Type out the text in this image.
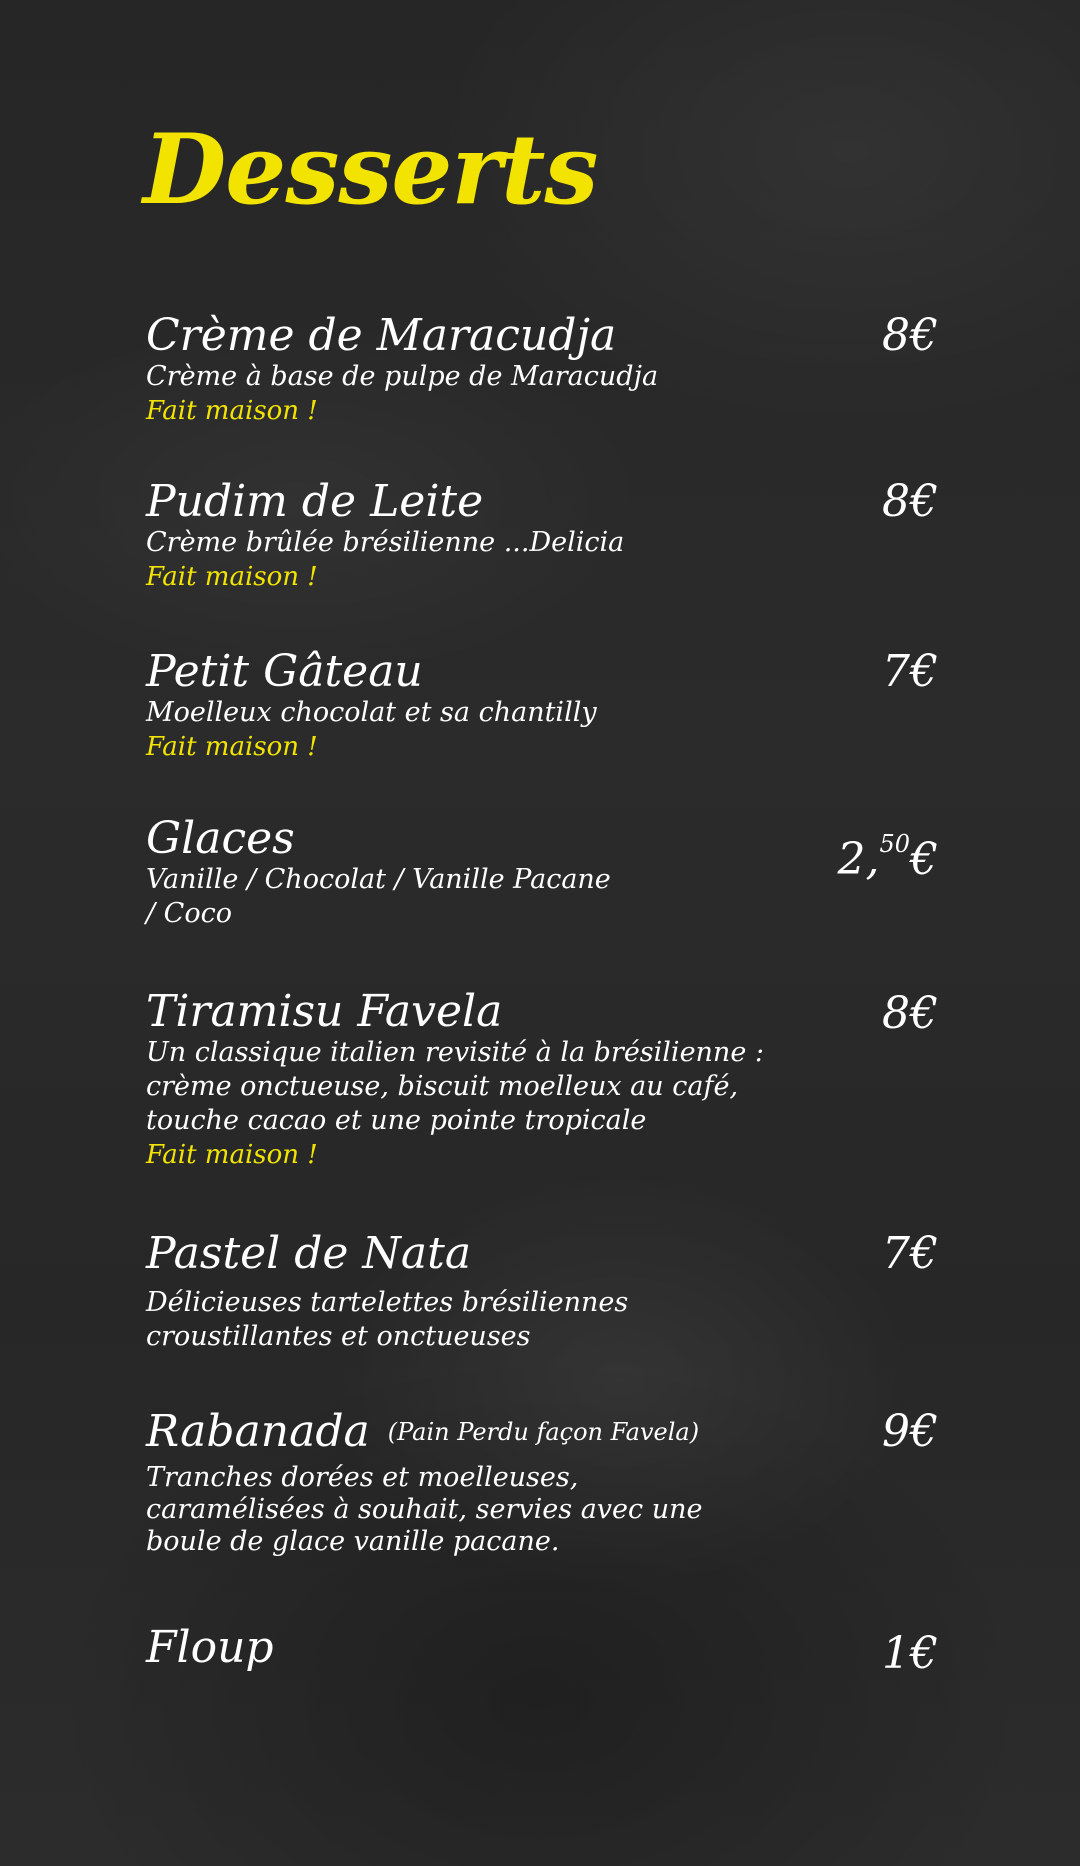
Desserts
Crème de Maracudja
Crème à base de pulpe de Maracudja
Fait maison !
8€
Pudim de Leite
Crème brûlée brésilienne ...Delicia
Fait maison !
8€
Petit Gâteau
Moelleux chocolat et sa chantilly
Fait maison !
7€
Glaces
Vanille / Chocolat / Vanille Pacane
/ Coco
2,50€
Tiramisu Favela
Un classique italien revisité à la brésilienne :
crème onctueuse, biscuit moelleux au café,
touche cacao et une pointe tropicale
Fait maison !
8€
Pastel de Nata
Délicieuses tartelettes brésiliennes
croustillantes et onctueuses
7€
Rabanada (Pain Perdu façon Favela)
Tranches dorées et moelleuses,
caramélisées à souhait, servies avec une
boule de glace vanille pacane.
9€
Floup	1€
